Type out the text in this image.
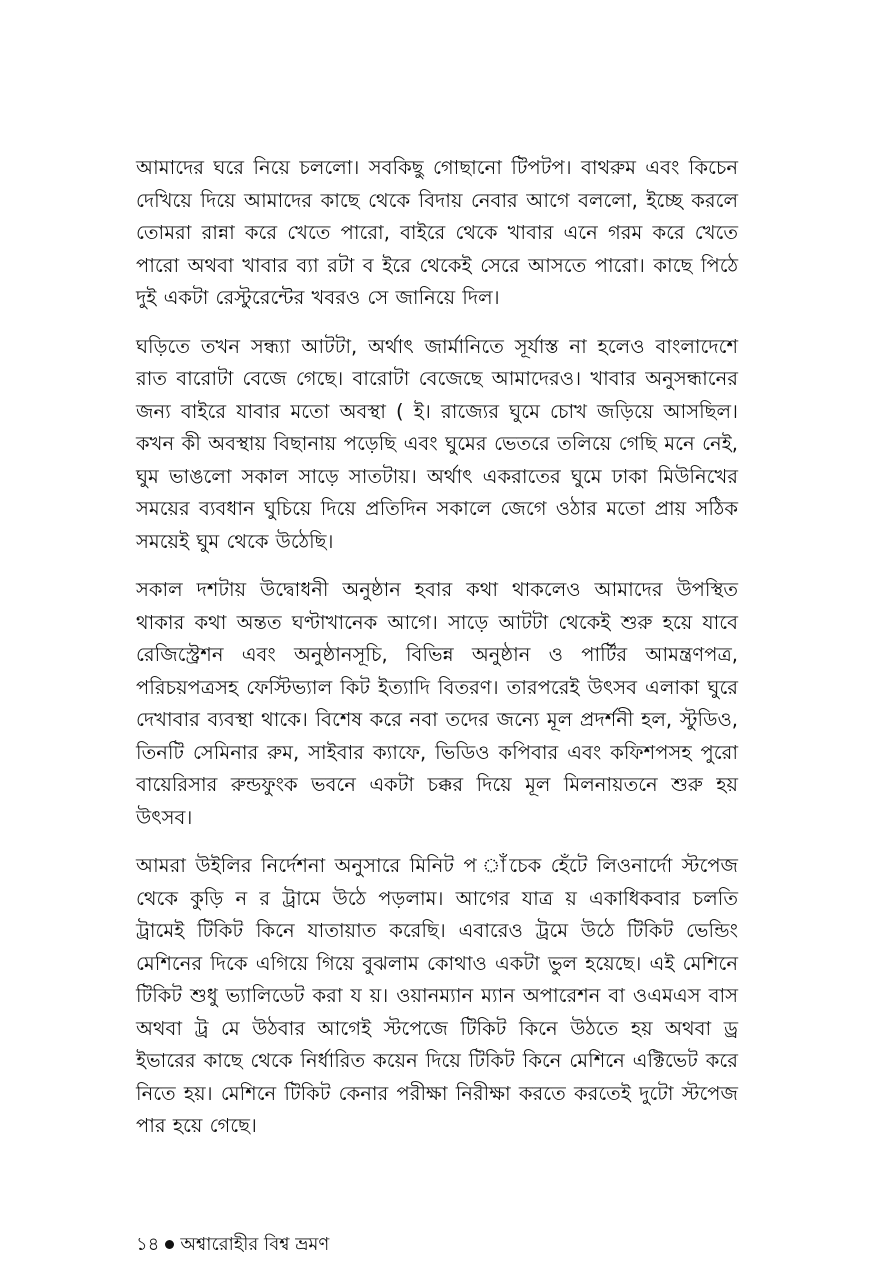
আমাদের ঘরে নিয়ে চললো। সবকিছু গোছানো টিপটপ। বাথরুম এবং কিচেন দেখিয়ে দিয়ে আমাদের কাছে থেকে বিদায় নেবার আগে বললো, ইচ্ছে করলে তোমরা রান্না করে খেতে পারো, বাইরে থেকে খাবার এনে গরম করে খেতে পারো অথবা খাবার ব্যা রটা ব ইরে থেকেই সেরে আসতে পারো। কাছে পিঠে দুই একটা রেস্টুরেন্টের খবরও সে জানিয়ে দিল।

ঘড়িতে তখন সন্ধ্যা আটটা, অর্থাৎ জার্মানিতে সূর্যাস্ত না হলেও বাংলাদেশে রাত বারোটা বেজে গেছে। বারোটা বেজেছে আমাদেরও। খাবার অনুসন্ধানের জন্য বাইরে যাবার মতো অবস্থা ( ই। রাজ্যের ঘুমে চোখ জড়িয়ে আসছিল। কখন কী অবস্থায় বিছানায় পড়েছি এবং ঘুমের ভেতরে তলিয়ে গেছি মনে নেই, ঘুম ভাঙলো সকাল সাড়ে সাতটায়। অর্থাৎ একরাতের ঘুমে ঢাকা মিউনিখের সময়ের ব্যবধান ঘুচিয়ে দিয়ে প্রতিদিন সকালে জেগে ওঠার মতো প্রায় সঠিক সময়েই ঘুম থেকে উঠেছি।

সকাল দশটায় উদ্বোধনী অনুষ্ঠান হবার কথা থাকলেও আমাদের উপস্থিত থাকার কথা অন্তত ঘণ্টাখানেক আগে। সাড়ে আটটা থেকেই শুরু হয়ে যাবে রেজিস্ট্রেশন এবং অনুষ্ঠানসূচি, বিভিন্ন অনুষ্ঠান ও পার্টির আমন্ত্রণপত্র, পরিচয়পত্রসহ ফেস্টিভ্যাল কিট ইত্যাদি বিতরণ। তারপরেই উৎসব এলাকা ঘুরে দেখাবার ব্যবস্থা থাকে। বিশেষ করে নবা তদের জন্যে মূল প্রদর্শনী হল, স্টুডিও, তিনটি সেমিনার রুম, সাইবার ক্যাফে, ভিডিও কপিবার এবং কফিশপসহ পুরো বায়েরিসার রুন্ডফুংক ভবনে একটা চক্কর দিয়ে মূল মিলনায়তনে শুরু হয় উৎসব।

আমরা উইলির নির্দেশনা অনুসারে মিনিট প াঁচেক হেঁটে লিওনার্দো স্টপেজ থেকে কুড়ি ন র ট্রামে উঠে পড়লাম। আগের যাত্র য় একাধিকবার চলতি ট্রামেই টিকিট কিনে যাতায়াত করেছি। এবারেও ট্রমে উঠে টিকিট ভেন্ডিং মেশিনের দিকে এগিয়ে গিয়ে বুঝলাম কোথাও একটা ভুল হয়েছে। এই মেশিনে টিকিট শুধু ভ্যালিডেট করা য য়। ওয়ানম্যান ম্যান অপারেশন বা ওএমএস বাস অথবা ট্র মে উঠবার আগেই স্টপেজে টিকিট কিনে উঠতে হয় অথবা ড্র ইভারের কাছে থেকে নির্ধারিত কয়েন দিয়ে টিকিট কিনে মেশিনে এক্টিভেট করে নিতে হয়। মেশিনে টিকিট কেনার পরীক্ষা নিরীক্ষা করতে করতেই দুটো স্টপেজ পার হয়ে গেছে।

১৪ অশ্বারোহীর বিশ্ব ভ্রমণ
